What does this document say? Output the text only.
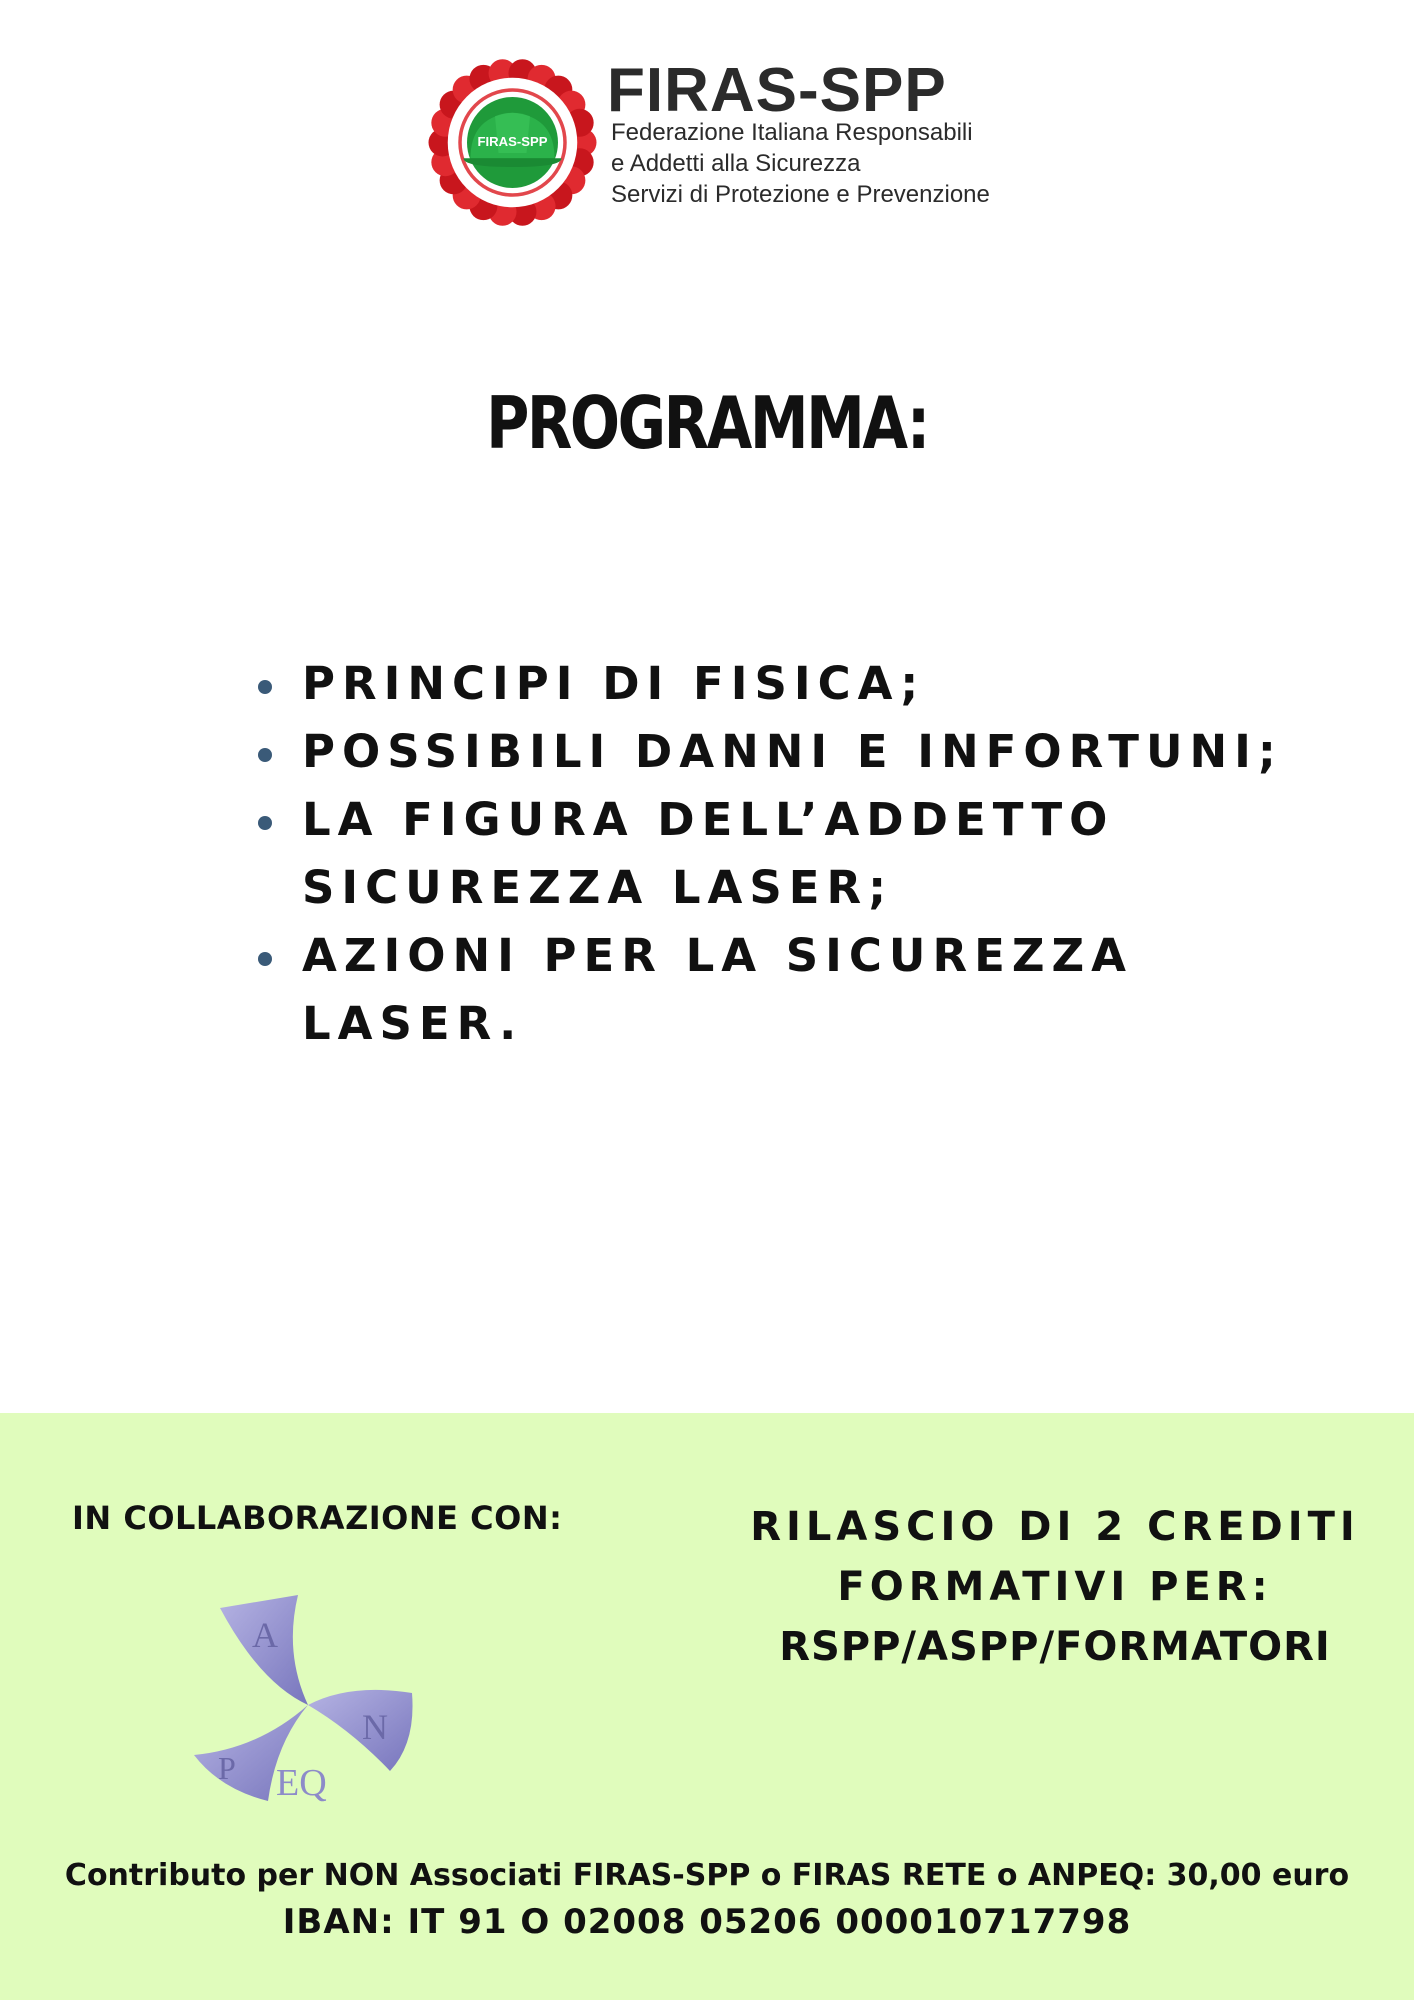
FIRAS-SPP
FIRAS-SPP
Federazione Italiana Responsabili
e Addetti alla Sicurezza
Servizi di Protezione e Prevenzione
PROGRAMMA:
PRINCIPI DI FISICA;
POSSIBILI DANNI E INFORTUNI;
LA FIGURA DELL’ADDETTO
SICUREZZA LASER;
AZIONI PER LA SICUREZZA
LASER.
IN COLLABORAZIONE CON:
A
N
P EQ
RILASCIO DI 2 CREDITI
FORMATIVI PER:
RSPP/ASPP/FORMATORI
Contributo per NON Associati FIRAS-SPP o FIRAS RETE o ANPEQ: 30,00 euro
IBAN: IT 91 O 02008 05206 000010717798
